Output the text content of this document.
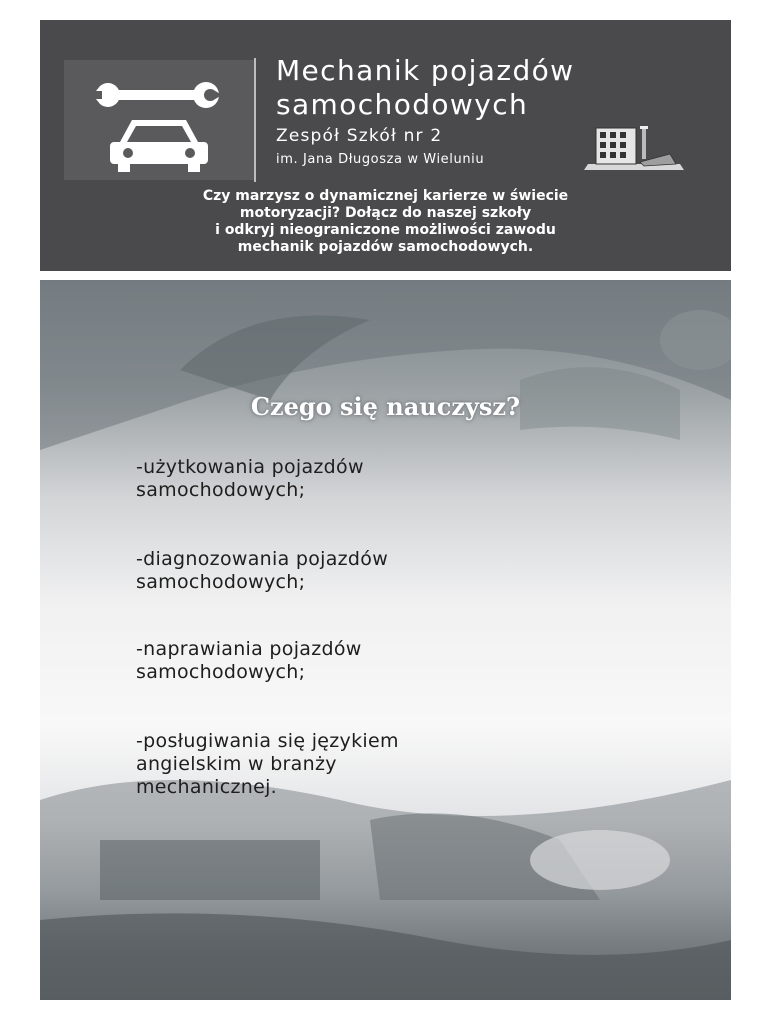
Mechanik pojazdów
samochodowych
Zespół Szkół nr 2
im. Jana Długosza w Wieluniu
Czy marzysz o dynamicznej karierze w świecie
motoryzacji? Dołącz do naszej szkoły
i odkryj nieograniczone możliwości zawodu
mechanik pojazdów samochodowych.
Czego się nauczysz?
-użytkowania pojazdów
samochodowych;
-diagnozowania pojazdów
samochodowych;
-naprawiania pojazdów
samochodowych;
-posługiwania się językiem
angielskim w branży
mechanicznej.
